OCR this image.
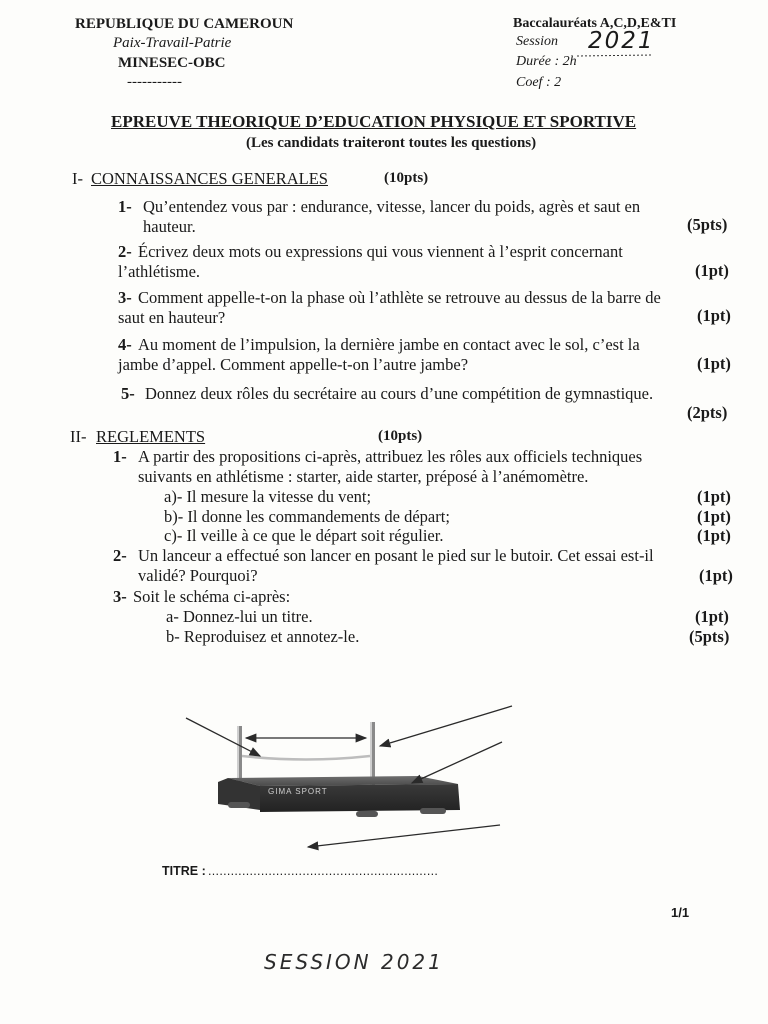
REPUBLIQUE DU CAMEROUN
Paix-Travail-Patrie
MINESEC-OBC
-----------
Baccalauréats A,C,D,E&TI
Session 2021
Durée : 2h
Coef : 2
EPREUVE THEORIQUE D’EDUCATION PHYSIQUE ET SPORTIVE
(Les candidats traiteront toutes les questions)
I- CONNAISSANCES GENERALES	(10pts)
1- Qu’entendez vous par : endurance, vitesse, lancer du poids, agrès et saut en
hauteur.	(5pts)
2- Écrivez deux mots ou expressions qui vous viennent à l’esprit concernant
l’athlétisme.	(1pt)
3- Comment appelle-t-on la phase où l’athlète se retrouve au dessus de la barre de
saut en hauteur?	(1pt)
4- Au moment de l’impulsion, la dernière jambe en contact avec le sol, c’est la
jambe d’appel. Comment appelle-t-on l’autre jambe?	(1pt)
5- Donnez deux rôles du secrétaire au cours d’une compétition de gymnastique.
(2pts)
II- REGLEMENTS	(10pts)
1- A partir des propositions ci-après, attribuez les rôles aux officiels techniques
suivants en athlétisme : starter, aide starter, préposé à l’anémomètre.
a)- Il mesure la vitesse du vent;	(1pt)
b)- Il donne les commandements de départ;	(1pt)
c)- Il veille à ce que le départ soit régulier.	(1pt)
2- Un lanceur a effectué son lancer en posant le pied sur le butoir. Cet essai est-il
validé? Pourquoi?	(1pt)
3- Soit le schéma ci-après:
a- Donnez-lui un titre.	(1pt)
b- Reproduisez et annotez-le.	(5pts)
GIMA SPORT
TITRE : .............................................................
1/1
SESSION 2021
